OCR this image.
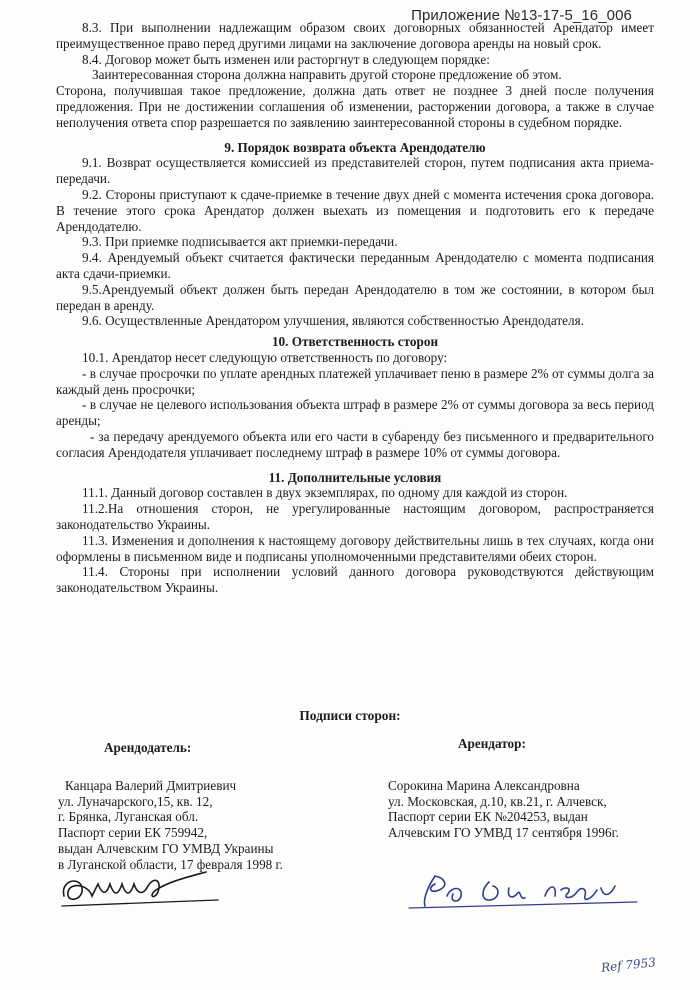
Приложение №13-17-5_16_006

8.3. При выполнении надлежащим образом своих договорных обязанностей Арендатор имеет преимущественное право перед другими лицами на заключение договора аренды на новый срок.

8.4. Договор может быть изменен или расторгнут в следующем порядке:

Заинтересованная сторона должна направить другой стороне предложение об этом.

Сторона, получившая такое предложение, должна дать ответ не позднее 3 дней после получения предложения. При не достижении соглашения об изменении, расторжении договора, а также в случае неполучения ответа спор разрешается по заявлению заинтересованной стороны в судебном порядке.

9. Порядок возврата объекта Арендодателю

9.1. Возврат осуществляется комиссией из представителей сторон, путем подписания акта приема-передачи.

9.2. Стороны приступают к сдаче-приемке в течение двух дней с момента истечения срока договора. В течение этого срока Арендатор должен выехать из помещения и подготовить его к передаче Арендодателю.

9.3. При приемке подписывается акт приемки-передачи.

9.4. Арендуемый объект считается фактически переданным Арендодателю с момента подписания акта сдачи-приемки.

9.5.Арендуемый объект должен быть передан Арендодателю в том же состоянии, в котором был передан в аренду.

9.6. Осуществленные Арендатором улучшения, являются собственностью Арендодателя.

10. Ответственность сторон

10.1. Арендатор несет следующую ответственность по договору:

- в случае просрочки по уплате арендных платежей уплачивает пеню в размере 2% от суммы долга за каждый день просрочки;

- в случае не целевого использования объекта штраф в размере 2% от суммы договора за весь период аренды;

- за передачу арендуемого объекта или его части в субаренду без письменного и предварительного согласия Арендодателя уплачивает последнему штраф в размере 10% от суммы договора.

11. Дополнительные условия

11.1. Данный договор составлен в двух экземплярах, по одному для каждой из сторон.

11.2.На отношения сторон, не урегулированные настоящим договором, распространяется законодательство Украины.

11.3. Изменения и дополнения к настоящему договору действительны лишь в тех случаях, когда они оформлены в письменном виде и подписаны уполномоченными представителями обеих сторон.

11.4. Стороны при исполнении условий данного договора руководствуются действующим законодательством Украины.

Подписи сторон:

Арендодатель:

Канцара Валерий Дмитриевич

ул. Луначарского,15, кв. 12,

г. Брянка, Луганская обл.

Паспорт серии ЕК 759942,

выдан Алчевским ГО УМВД Украины

в Луганской области, 17 февраля 1998 г.

Арендатор:

Сорокина Марина Александровна

ул. Московская, д.10, кв.21, г. Алчевск,

Паспорт серии ЕК №204253, выдан

Алчевским ГО УМВД 17 сентября 1996г.

Ref 7953
